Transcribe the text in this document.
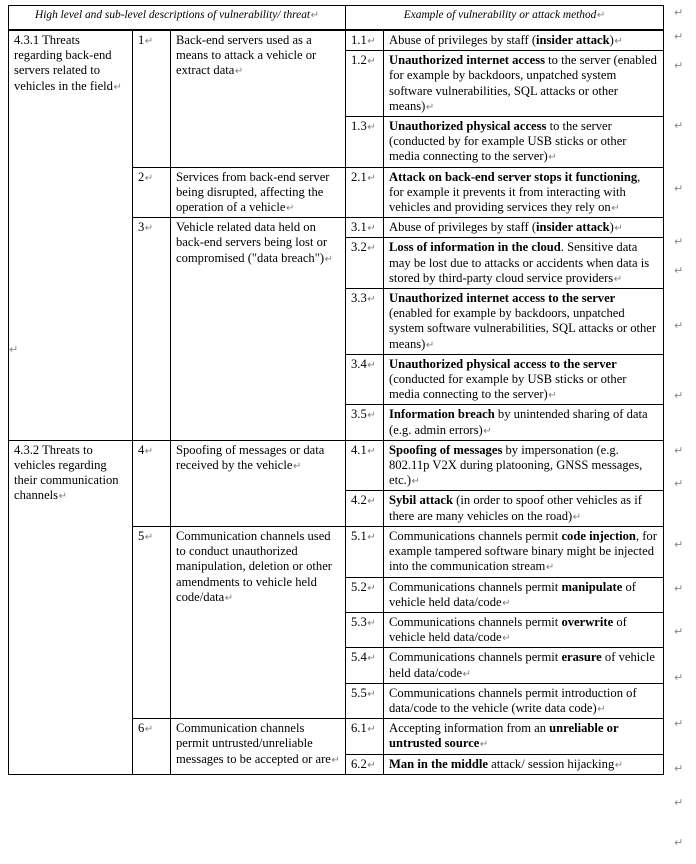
High level and sub-level descriptions of vulnerability/ threat↵			Example of vulnerability or attack method↵	
4.3.1 Threats regarding back-end servers related to vehicles in the field↵	1↵	Back-end servers used as a means to attack a vehicle or extract data↵	1.1↵	Abuse of privileges by staff (insider attack)↵
			1.2↵	Unauthorized internet access to the server (enabled for example by backdoors, unpatched system software vulnerabilities, SQL attacks or other means)↵
			1.3↵	Unauthorized physical access to the server (conducted by for example USB sticks or other media connecting to the server)↵
	2↵	Services from back-end server being disrupted, affecting the operation of a vehicle↵	2.1↵	Attack on back-end server stops it functioning, for example it prevents it from interacting with vehicles and providing services they rely on↵
	3↵	Vehicle related data held on back-end servers being lost or compromised ("data breach")↵	3.1↵	Abuse of privileges by staff (insider attack)↵
			3.2↵	Loss of information in the cloud. Sensitive data may be lost due to attacks or accidents when data is stored by third-party cloud service providers↵
			3.3↵	Unauthorized internet access to the server (enabled for example by backdoors, unpatched system software vulnerabilities, SQL attacks or other means)↵
			3.4↵	Unauthorized physical access to the server (conducted for example by USB sticks or other media connecting to the server)↵
			3.5↵	Information breach by unintended sharing of data (e.g. admin errors)↵
4.3.2 Threats to vehicles regarding their communication channels↵	4↵	Spoofing of messages or data received by the vehicle↵	4.1↵	Spoofing of messages by impersonation (e.g. 802.11p V2X during platooning, GNSS messages, etc.)↵
			4.2↵	Sybil attack (in order to spoof other vehicles as if there are many vehicles on the road)↵
	5↵	Communication channels used to conduct unauthorized manipulation, deletion or other amendments to vehicle held code/data↵	5.1↵	Communications channels permit code injection, for example tampered software binary might be injected into the communication stream↵
			5.2↵	Communications channels permit manipulate of vehicle held data/code↵
			5.3↵	Communications channels permit overwrite of vehicle held data/code↵
			5.4↵	Communications channels permit erasure of vehicle held data/code↵
			5.5↵	Communications channels permit introduction of data/code to the vehicle (write data code)↵
	6↵	Communication channels permit untrusted/unreliable messages to be accepted or are↵	6.1↵	Accepting information from an unreliable or untrusted source↵
			6.2↵	Man in the middle attack/ session hijacking↵
↵
↵
↵
↵
↵
↵
↵
↵
↵
↵
↵
↵
↵
↵
↵
↵
↵
↵
↵
↵
